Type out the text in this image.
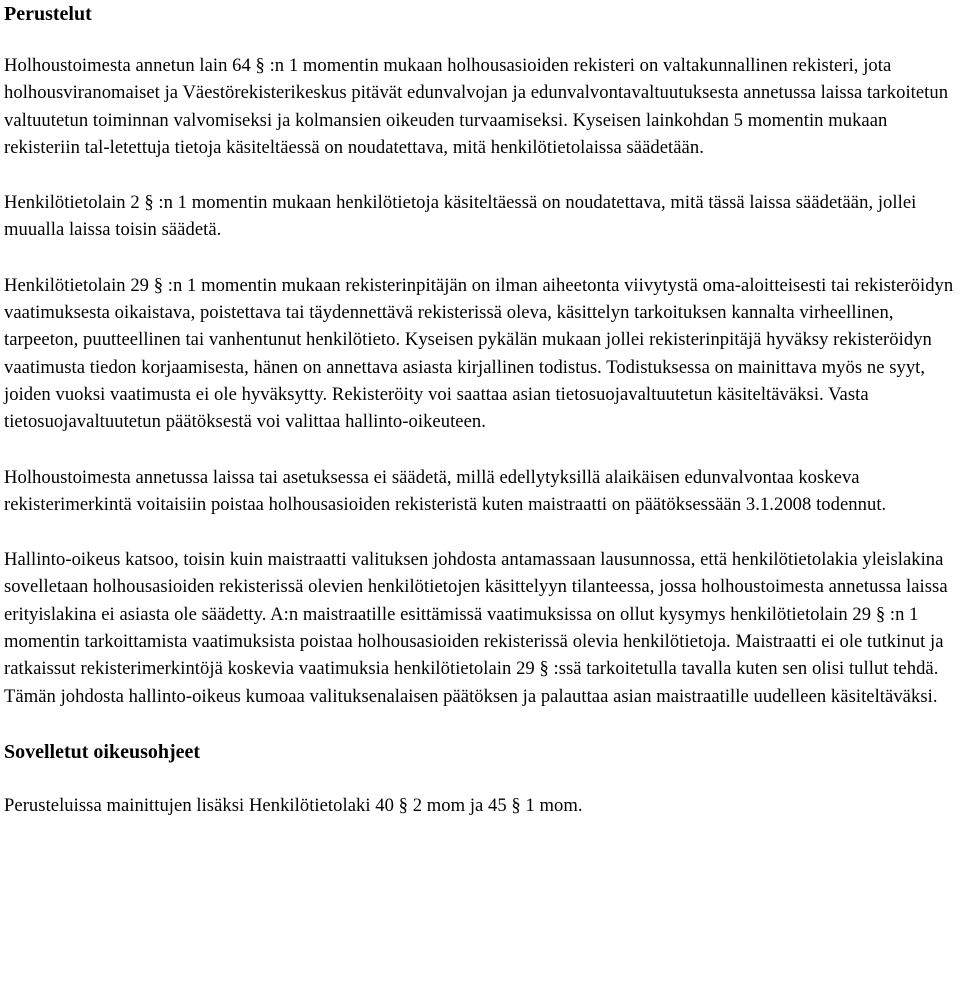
Perustelut

Holhoustoimesta annetun lain 64 § :n 1 momentin mukaan holhousasioiden rekisteri on valtakunnallinen rekisteri, jota holhousviranomaiset ja Väestörekisterikeskus pitävät edunvalvojan ja edunvalvontavaltuutuksesta annetussa laissa tarkoitetun valtuutetun toiminnan valvomiseksi ja kolmansien oikeuden turvaamiseksi. Kyseisen lainkohdan 5 momentin mukaan rekisteriin tal-letettuja tietoja käsiteltäessä on noudatettava, mitä henkilötietolaissa säädetään.

Henkilötietolain 2 § :n 1 momentin mukaan henkilötietoja käsiteltäessä on noudatettava, mitä tässä laissa säädetään, jollei muualla laissa toisin säädetä.

Henkilötietolain 29 § :n 1 momentin mukaan rekisterinpitäjän on ilman aiheetonta viivytystä oma-aloitteisesti tai rekisteröidyn vaatimuksesta oikaistava, poistettava tai täydennettävä rekisterissä oleva, käsittelyn tarkoituksen kannalta virheellinen, tarpeeton, puutteellinen tai vanhentunut henkilötieto. Kyseisen pykälän mukaan jollei rekisterinpitäjä hyväksy rekisteröidyn vaatimusta tiedon korjaamisesta, hänen on annettava asiasta kirjallinen todistus. Todistuksessa on mainittava myös ne syyt, joiden vuoksi vaatimusta ei ole hyväksytty. Rekisteröity voi saattaa asian tietosuojavaltuutetun käsiteltäväksi. Vasta tietosuojavaltuutetun päätöksestä voi valittaa hallinto-oikeuteen.

Holhoustoimesta annetussa laissa tai asetuksessa ei säädetä, millä edellytyksillä alaikäisen edunvalvontaa koskeva rekisterimerkintä voitaisiin poistaa holhousasioiden rekisteristä kuten maistraatti on päätöksessään 3.1.2008 todennut.

Hallinto-oikeus katsoo, toisin kuin maistraatti valituksen johdosta antamassaan lausunnossa, että henkilötietolakia yleislakina sovelletaan holhousasioiden rekisterissä olevien henkilötietojen käsittelyyn tilanteessa, jossa holhoustoimesta annetussa laissa erityislakina ei asiasta ole säädetty. A:n maistraatille esittämissä vaatimuksissa on ollut kysymys henkilötietolain 29 § :n 1 momentin tarkoittamista vaatimuksista poistaa holhousasioiden rekisterissä olevia henkilötietoja. Maistraatti ei ole tutkinut ja ratkaissut rekisterimerkintöjä koskevia vaatimuksia henkilötietolain 29 § :ssä tarkoitetulla tavalla kuten sen olisi tullut tehdä. Tämän johdosta hallinto-oikeus kumoaa valituksenalaisen päätöksen ja palauttaa asian maistraatille uudelleen käsiteltäväksi.

Sovelletut oikeusohjeet

Perusteluissa mainittujen lisäksi Henkilötietolaki 40 § 2 mom ja 45 § 1 mom.
